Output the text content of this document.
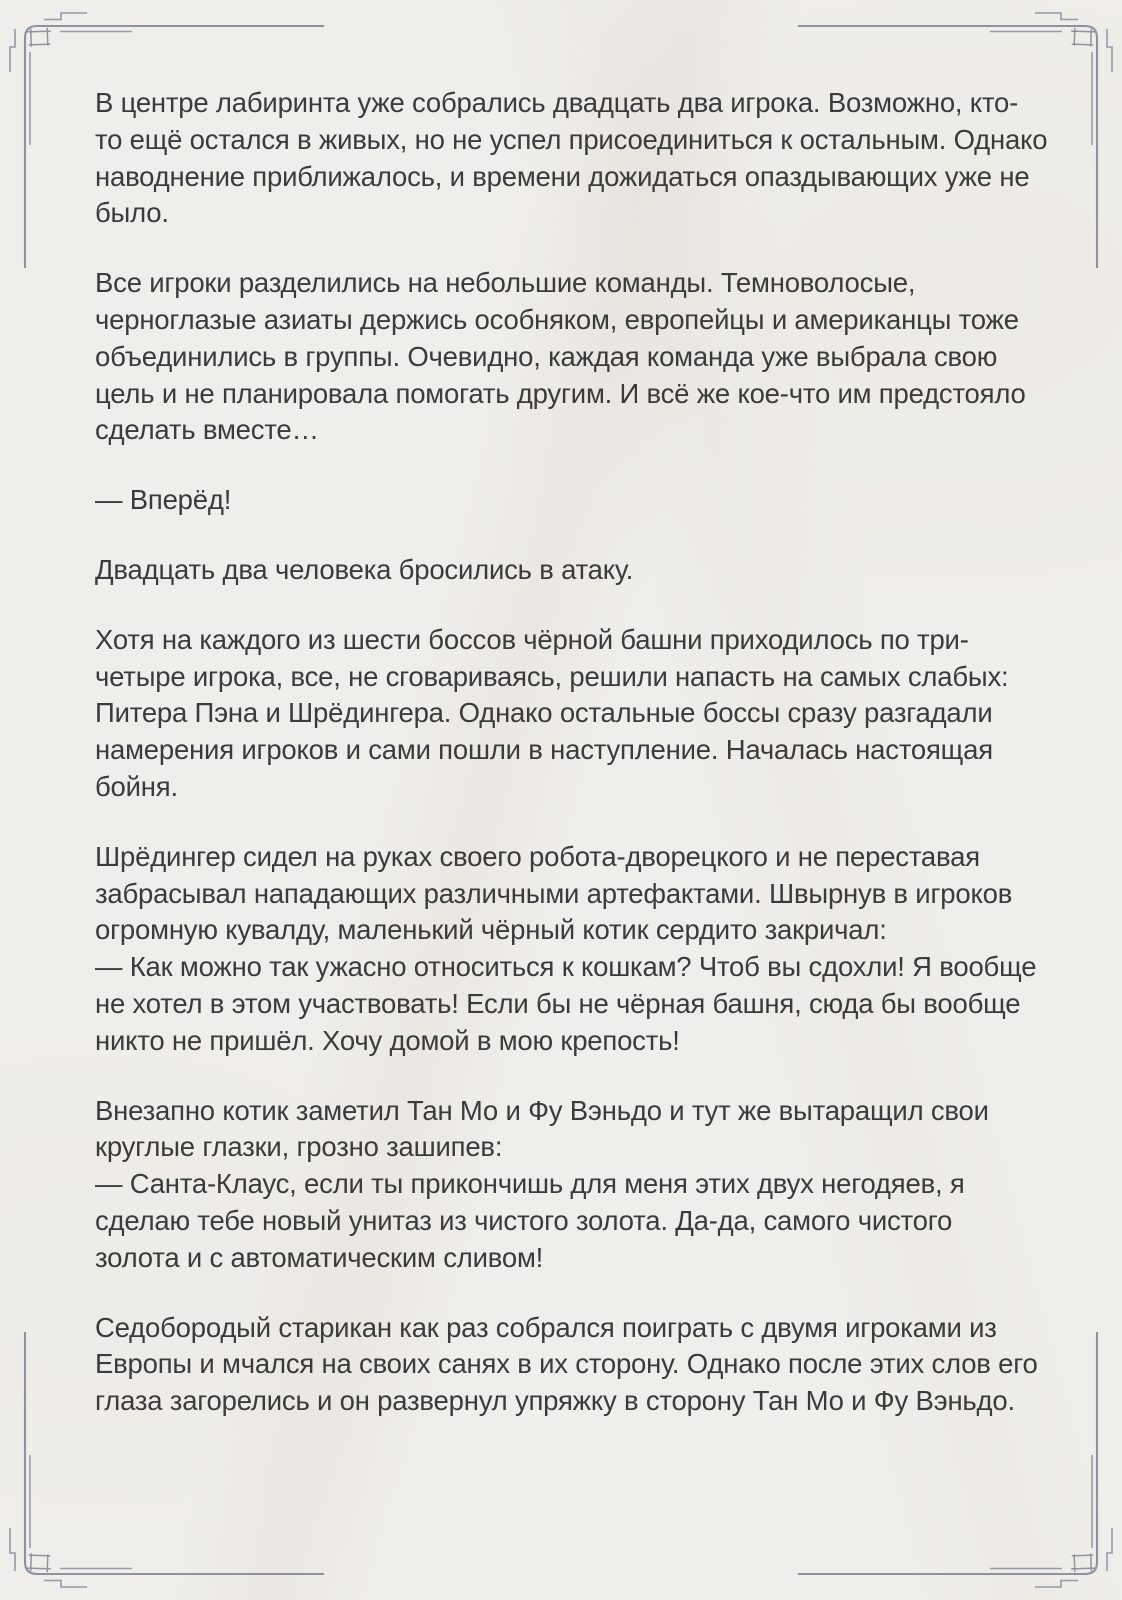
В центре лабиринта уже собрались двадцать два игрока. Возможно, кто-
то ещё остался в живых, но не успел присоединиться к остальным. Однако
наводнение приближалось, и времени дожидаться опаздывающих уже не
было.

Все игроки разделились на небольшие команды. Темноволосые,
черноглазые азиаты держись особняком, европейцы и американцы тоже
объединились в группы. Очевидно, каждая команда уже выбрала свою
цель и не планировала помогать другим. И всё же кое-что им предстояло
сделать вместе…

— Вперёд!

Двадцать два человека бросились в атаку.

Хотя на каждого из шести боссов чёрной башни приходилось по три-
четыре игрока, все, не сговариваясь, решили напасть на самых слабых:
Питера Пэна и Шрёдингера. Однако остальные боссы сразу разгадали
намерения игроков и сами пошли в наступление. Началась настоящая
бойня.

Шрёдингер сидел на руках своего робота-дворецкого и не переставая
забрасывал нападающих различными артефактами. Швырнув в игроков
огромную кувалду, маленький чёрный котик сердито закричал:
— Как можно так ужасно относиться к кошкам? Чтоб вы сдохли! Я вообще
не хотел в этом участвовать! Если бы не чёрная башня, сюда бы вообще
никто не пришёл. Хочу домой в мою крепость!

Внезапно котик заметил Тан Мо и Фу Вэньдо и тут же вытаращил свои
круглые глазки, грозно зашипев:
— Санта-Клаус, если ты прикончишь для меня этих двух негодяев, я
сделаю тебе новый унитаз из чистого золота. Да-да, самого чистого
золота и с автоматическим сливом!

Седобородый старикан как раз собрался поиграть с двумя игроками из
Европы и мчался на своих санях в их сторону. Однако после этих слов его
глаза загорелись и он развернул упряжку в сторону Тан Мо и Фу Вэньдо.
